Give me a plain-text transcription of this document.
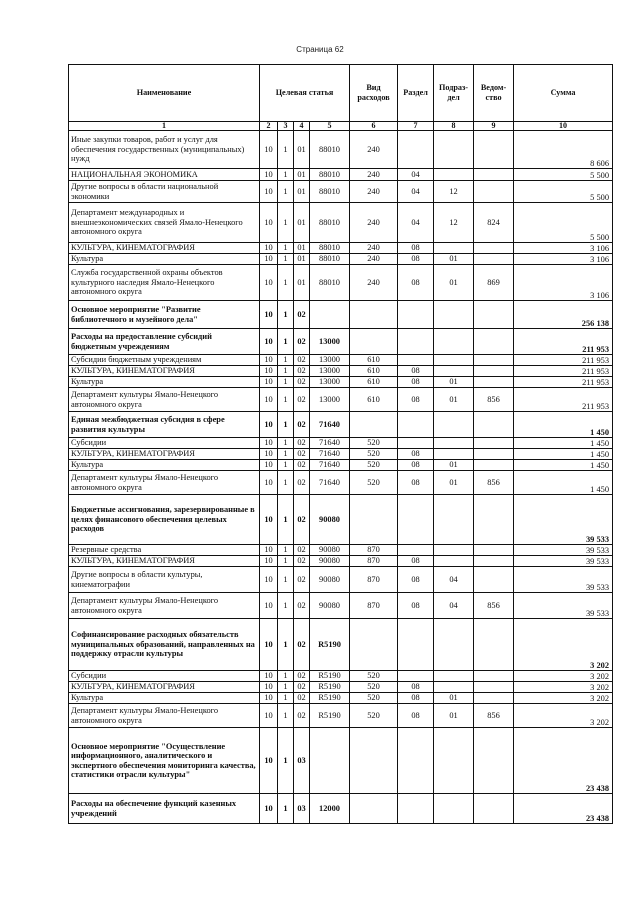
Страница 62
Наименование	Целевая статья				Вид расходов	Раздел	Подраз-дел	Ведом-ство	Сумма
1	2	3	4	5	6	7	8	9	10
Иные закупки товаров, работ и услуг для обеспечения государственных (муниципальных) нужд	10	1	01	88010	240				8 606
НАЦИОНАЛЬНАЯ ЭКОНОМИКА	10	1	01	88010	240	04			5 500
Другие вопросы в области национальной экономики	10	1	01	88010	240	04	12		5 500
Департамент международных и внешнеэкономических связей Ямало-Ненецкого автономного округа	10	1	01	88010	240	04	12	824	5 500
КУЛЬТУРА, КИНЕМАТОГРАФИЯ	10	1	01	88010	240	08			3 106
Культура	10	1	01	88010	240	08	01		3 106
Служба государственной охраны объектов культурного наследия Ямало-Ненецкого автономного округа	10	1	01	88010	240	08	01	869	3 106
Основное мероприятие "Развитие библиотечного и музейного дела"	10	1	02						256 138
Расходы на предоставление субсидий бюджетным учреждениям	10	1	02	13000					211 953
Субсидии бюджетным учреждениям	10	1	02	13000	610				211 953
КУЛЬТУРА, КИНЕМАТОГРАФИЯ	10	1	02	13000	610	08			211 953
Культура	10	1	02	13000	610	08	01		211 953
Департамент культуры Ямало-Ненецкого автономного округа	10	1	02	13000	610	08	01	856	211 953
Единая межбюджетная субсидия в сфере развития культуры	10	1	02	71640					1 450
Субсидии	10	1	02	71640	520				1 450
КУЛЬТУРА, КИНЕМАТОГРАФИЯ	10	1	02	71640	520	08			1 450
Культура	10	1	02	71640	520	08	01		1 450
Департамент культуры Ямало-Ненецкого автономного округа	10	1	02	71640	520	08	01	856	1 450
Бюджетные ассигнования, зарезервированные в целях финансового обеспечения целевых расходов	10	1	02	90080					39 533
Резервные средства	10	1	02	90080	870				39 533
КУЛЬТУРА, КИНЕМАТОГРАФИЯ	10	1	02	90080	870	08			39 533
Другие вопросы в области культуры, кинематографии	10	1	02	90080	870	08	04		39 533
Департамент культуры Ямало-Ненецкого автономного округа	10	1	02	90080	870	08	04	856	39 533
Софинансирование расходных обязательств муниципальных образований, направленных на поддержку отрасли культуры	10	1	02	R5190					3 202
Субсидии	10	1	02	R5190	520				3 202
КУЛЬТУРА, КИНЕМАТОГРАФИЯ	10	1	02	R5190	520	08			3 202
Культура	10	1	02	R5190	520	08	01		3 202
Департамент культуры Ямало-Ненецкого автономного округа	10	1	02	R5190	520	08	01	856	3 202
Основное мероприятие "Осуществление информационного, аналитического и экспертного обеспечения мониторинга качества, статистики отрасли культуры"	10	1	03						23 438
Расходы на обеспечение функций казенных учреждений	10	1	03	12000					23 438
